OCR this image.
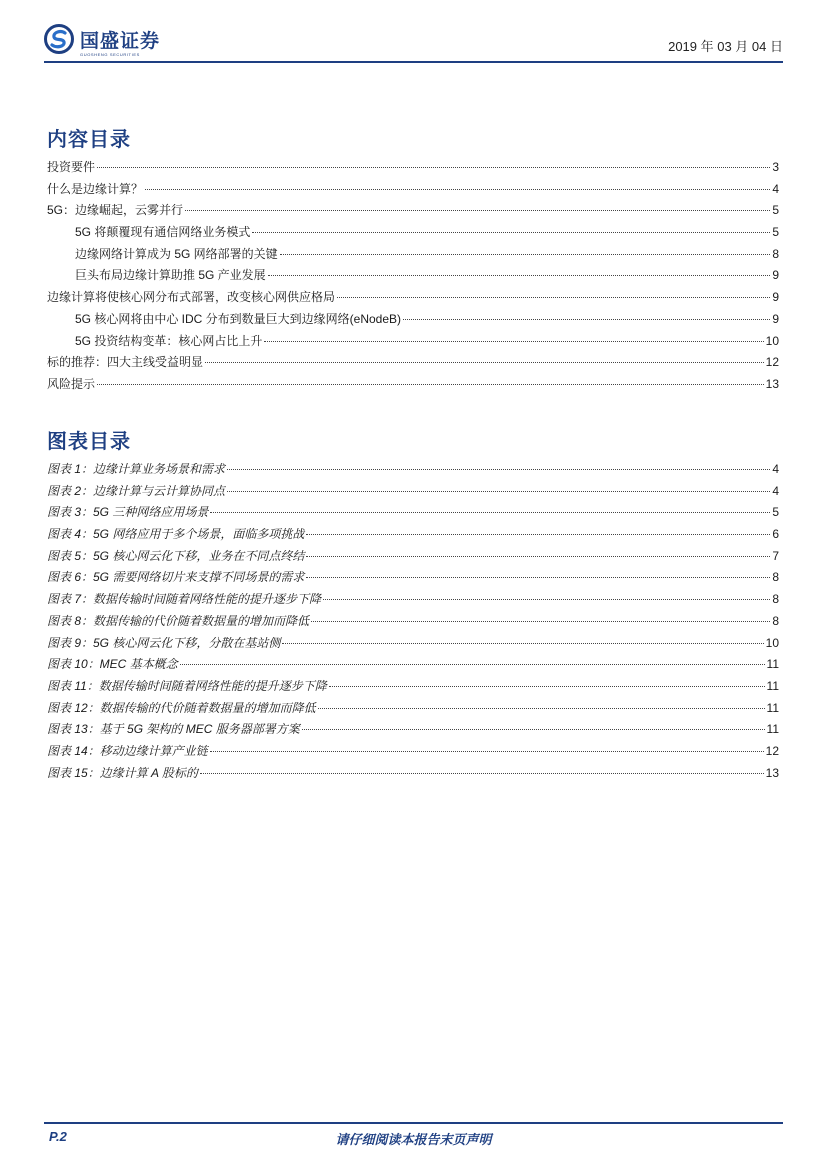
国盛证券
GUOSHENG SECURITIES
2019 年 03 月 04 日
内容目录
投资要件	3
什么是边缘计算？	4
5G：边缘崛起，云雾并行	5
5G 将颠覆现有通信网络业务模式	5
边缘网络计算成为 5G 网络部署的关键	8
巨头布局边缘计算助推 5G 产业发展	9
边缘计算将使核心网分布式部署，改变核心网供应格局	9
5G 核心网将由中心 IDC 分布到数量巨大到边缘网络(eNodeB)	9
5G 投资结构变革：核心网占比上升	10
标的推荐：四大主线受益明显	12
风险提示	13
图表目录
图表 1：边缘计算业务场景和需求	4
图表 2：边缘计算与云计算协同点	4
图表 3：5G 三种网络应用场景	5
图表 4：5G 网络应用于多个场景，面临多项挑战	6
图表 5：5G 核心网云化下移，业务在不同点终结	7
图表 6：5G 需要网络切片来支撑不同场景的需求	8
图表 7：数据传输时间随着网络性能的提升逐步下降	8
图表 8：数据传输的代价随着数据量的增加而降低	8
图表 9：5G 核心网云化下移，分散在基站侧	10
图表 10：MEC 基本概念	11
图表 11：数据传输时间随着网络性能的提升逐步下降	11
图表 12：数据传输的代价随着数据量的增加而降低	11
图表 13：基于 5G 架构的 MEC 服务器部署方案	11
图表 14：移动边缘计算产业链	12
图表 15：边缘计算 A 股标的	13
P.2	请仔细阅读本报告末页声明
